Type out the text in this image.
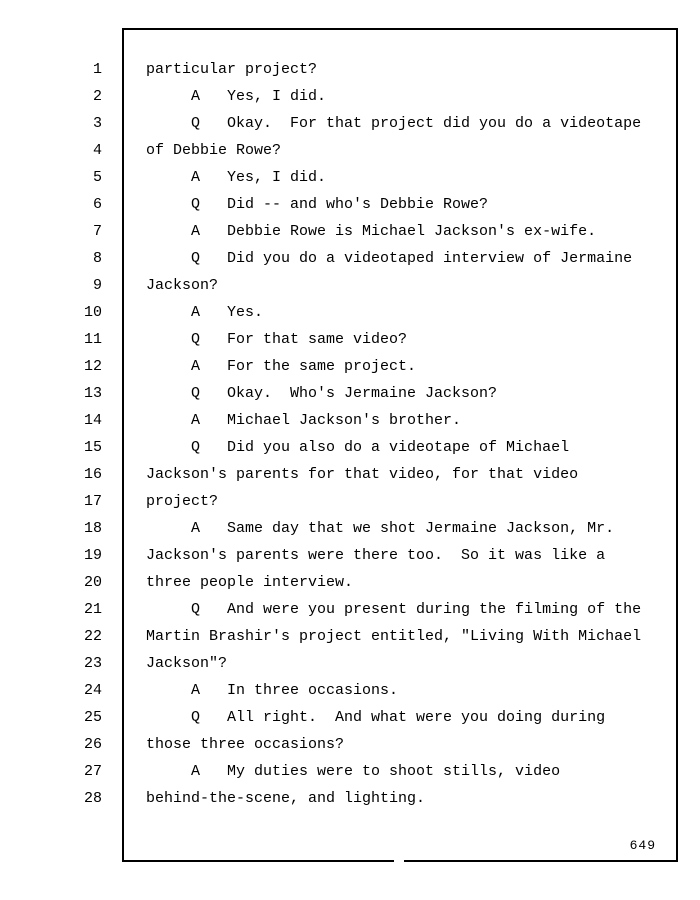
1
2
3
4
5
6
7
8
9
10
11
12
13
14
15
16
17
18
19
20
21
22
23
24
25
26
27
28
particular project?
A   Yes, I did.
Q   Okay.  For that project did you do a videotape
of Debbie Rowe?
A   Yes, I did.
Q   Did -- and who's Debbie Rowe?
A   Debbie Rowe is Michael Jackson's ex-wife.
Q   Did you do a videotaped interview of Jermaine
Jackson?
A   Yes.
Q   For that same video?
A   For the same project.
Q   Okay.  Who's Jermaine Jackson?
A   Michael Jackson's brother.
Q   Did you also do a videotape of Michael
Jackson's parents for that video, for that video
project?
A   Same day that we shot Jermaine Jackson, Mr.
Jackson's parents were there too.  So it was like a
three people interview.
Q   And were you present during the filming of the
Martin Brashir's project entitled, "Living With Michael
Jackson"?
A   In three occasions.
Q   All right.  And what were you doing during
those three occasions?
A   My duties were to shoot stills, video
behind-the-scene, and lighting.
649
